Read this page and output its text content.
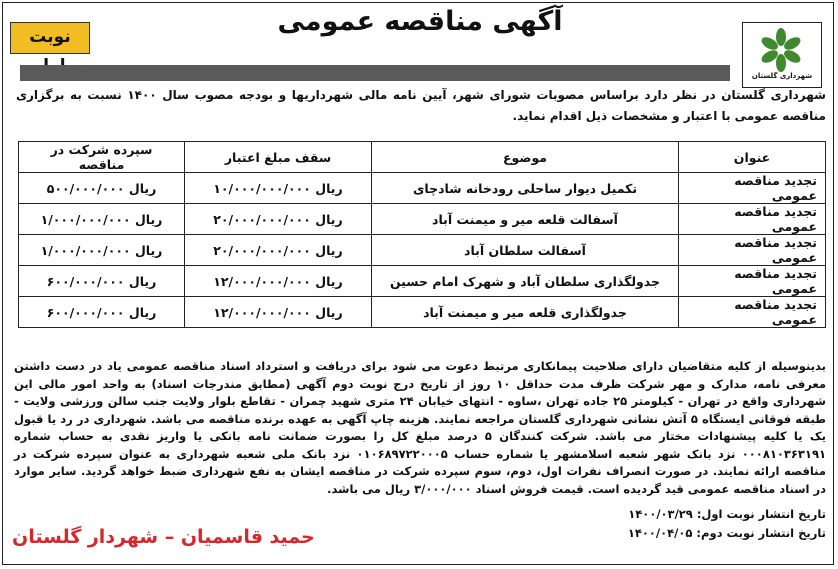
شهرداری گلستان
آگهی مناقصه عمومی
نوبت
شهرداری گلستان در نظر دارد براساس مصوبات شورای شهر، آیین نامه مالی شهرداریها و بودجه مصوب سال ۱۴۰۰ نسبت به برگزاری مناقصه عمومی با اعتبار و مشخصات ذیل اقدام نماید.
عنوان	موضوع	سقف مبلغ اعتبار	سپرده شرکت در مناقصه
تجدید مناقصه عمومی	تکمیل دیوار ساحلی رودخانه شادچای	۱۰/۰۰۰/۰۰۰/۰۰۰ ریال	۵۰۰/۰۰۰/۰۰۰ ریال
تجدید مناقصه عمومی	آسفالت قلعه میر و میمنت آباد	۲۰/۰۰۰/۰۰۰/۰۰۰ ریال	۱/۰۰۰/۰۰۰/۰۰۰ ریال
تجدید مناقصه عمومی	آسفالت سلطان آباد	۲۰/۰۰۰/۰۰۰/۰۰۰ ریال	۱/۰۰۰/۰۰۰/۰۰۰ ریال
تجدید مناقصه عمومی	جدولگذاری سلطان آباد و شهرک امام حسین	۱۲/۰۰۰/۰۰۰/۰۰۰ ریال	۶۰۰/۰۰۰/۰۰۰ ریال
تجدید مناقصه عمومی	جدولگذاری قلعه میر و میمنت آباد	۱۲/۰۰۰/۰۰۰/۰۰۰ ریال	۶۰۰/۰۰۰/۰۰۰ ریال
بدینوسیله از کلیه متقاضیان دارای صلاحیت پیمانکاری مرتبط دعوت می شود برای دریافت و استرداد اسناد مناقصه عمومی یاد در دست داشتن معرفی نامه، مدارک و مهر شرکت ظرف مدت حداقل ۱۰ روز از تاریخ درج نوبت دوم آگهی (مطابق مندرجات اسناد) به واحد امور مالی این شهرداری واقع در تهران - کیلومتر ۲۵ جاده تهران ،ساوه - انتهای خیابان ۲۴ متری شهید چمران - تقاطع بلوار ولایت جنب سالن ورزشی ولایت - طبقه فوقانی ایستگاه ۵ آتش نشانی شهرداری گلستان مراجعه نمایند. هزینه چاپ آگهی به عهده برنده مناقصه می باشد. شهرداری در رد یا قبول یک یا کلیه پیشنهادات مختار می باشد. شرکت کنندگان ۵ درصد مبلغ کل را بصورت ضمانت نامه بانکی یا واریز نقدی به حساب شماره ۰۰۰۸۱۰۳۶۳۱۹۱ نزد بانک شهر شعبه اسلامشهر یا شماره حساب ۰۱۰۶۸۹۷۲۲۰۰۰۵ نزد بانک ملی شعبه شهرداری به عنوان سپرده شرکت در مناقصه ارائه نمایند. در صورت انصراف نفرات اول، دوم، سوم سپرده شرکت در مناقصه ایشان به نفع شهرداری ضبط خواهد گردید. سایر موارد در اسناد مناقصه عمومی قید گردیده است. قیمت فروش اسناد ۳/۰۰۰/۰۰۰ ریال می باشد.
تاریخ انتشار نوبت اول: ۱۴۰۰/۰۳/۲۹
تاریخ انتشار نوبت دوم: ۱۴۰۰/۰۴/۰۵
حمید قاسمیان – شهردار گلستان
